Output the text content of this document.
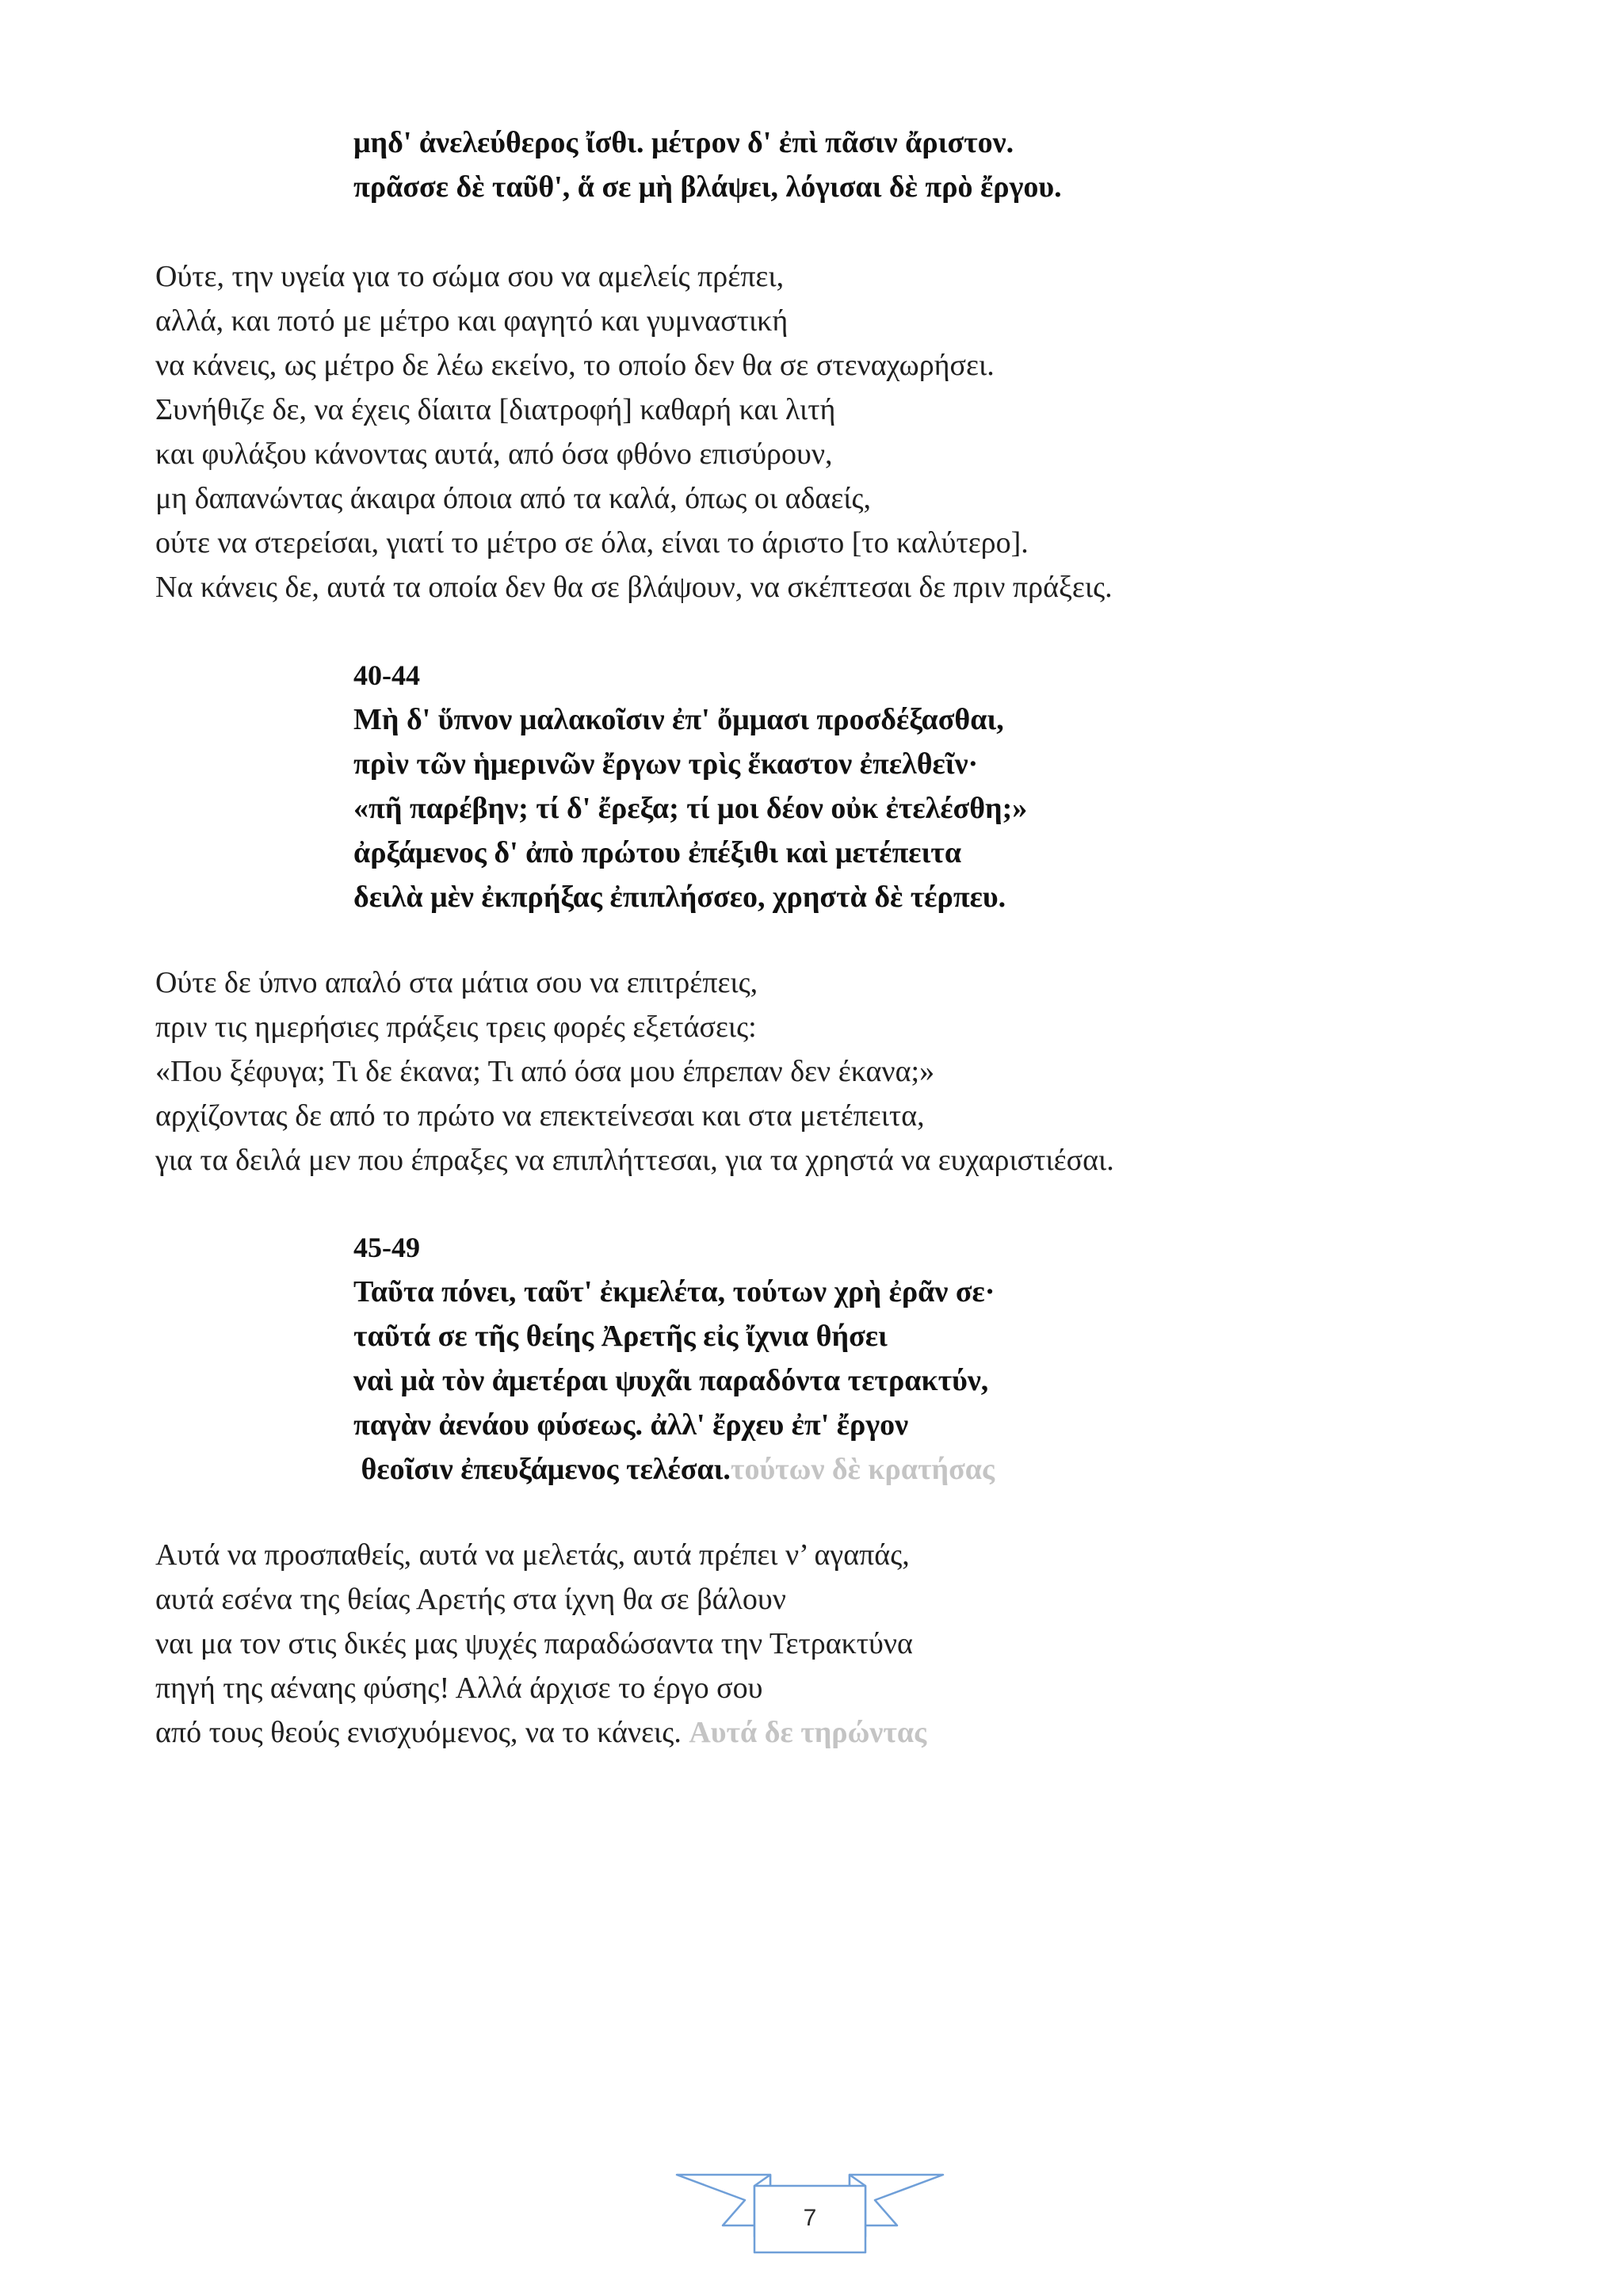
μηδ' ἀνελεύθερος ἴσθι. μέτρον δ' ἐπὶ πᾶσιν ἄριστον.
πρᾶσσε δὲ ταῦθ', ἅ σε μὴ βλάψει, λόγισαι δὲ πρὸ ἔργου.
Ούτε, την υγεία για το σώμα σου να αμελείς πρέπει,
αλλά, και ποτό με μέτρο και φαγητό και γυμναστική
να κάνεις, ως μέτρο δε λέω εκείνο, το οποίο δεν θα σε στεναχωρήσει.
Συνήθιζε δε, να έχεις δίαιτα [διατροφή] καθαρή και λιτή
και φυλάξου κάνοντας αυτά, από όσα φθόνο επισύρουν,
μη δαπανώντας άκαιρα όποια από τα καλά, όπως οι αδαείς,
ούτε να στερείσαι, γιατί το μέτρο σε όλα, είναι το άριστο [το καλύτερο].
Να κάνεις δε, αυτά τα οποία δεν θα σε βλάψουν, να σκέπτεσαι δε πριν πράξεις.
40-44
Μὴ δ' ὕπνον μαλακοῖσιν ἐπ' ὄμμασι προσδέξασθαι,
πρὶν τῶν ἡμερινῶν ἔργων τρὶς ἕκαστον ἐπελθεῖν·
«πῆ παρέβην; τί δ' ἔρεξα; τί μοι δέον οὐκ ἐτελέσθη;»
ἀρξάμενος δ' ἀπὸ πρώτου ἐπέξιθι καὶ μετέπειτα
δειλὰ μὲν ἐκπρήξας ἐπιπλήσσεο, χρηστὰ δὲ τέρπευ.
Ούτε δε ύπνο απαλό στα μάτια σου να επιτρέπεις,
πριν τις ημερήσιες πράξεις τρεις φορές εξετάσεις:
«Που ξέφυγα; Τι δε έκανα; Τι από όσα μου έπρεπαν δεν έκανα;»
αρχίζοντας δε από το πρώτο να επεκτείνεσαι και στα μετέπειτα,
για τα δειλά μεν που έπραξες να επιπλήττεσαι, για τα χρηστά να ευχαριστιέσαι.
45-49
Ταῦτα πόνει, ταῦτ' ἐκμελέτα, τούτων χρὴ ἐρᾶν σε·
ταῦτά σε τῆς θείης Ἀρετῆς εἰς ἴχνια θήσει
ναὶ μὰ τὸν ἀμετέραι ψυχᾶι παραδόντα τετρακτύν,
παγὰν ἀενάου φύσεως. ἀλλ' ἔρχευ ἐπ' ἔργον
θεοῖσιν ἐπευξάμενος τελέσαι.τούτων δὲ κρατήσας
Αυτά να προσπαθείς, αυτά να μελετάς, αυτά πρέπει ν’ αγαπάς,
αυτά εσένα της θείας Αρετής στα ίχνη θα σε βάλουν
ναι μα τον στις δικές μας ψυχές παραδώσαντα την Τετρακτύνα
πηγή της αέναης φύσης! Αλλά άρχισε το έργο σου
από τους θεούς ενισχυόμενος, να το κάνεις. Αυτά δε τηρώντας
7
